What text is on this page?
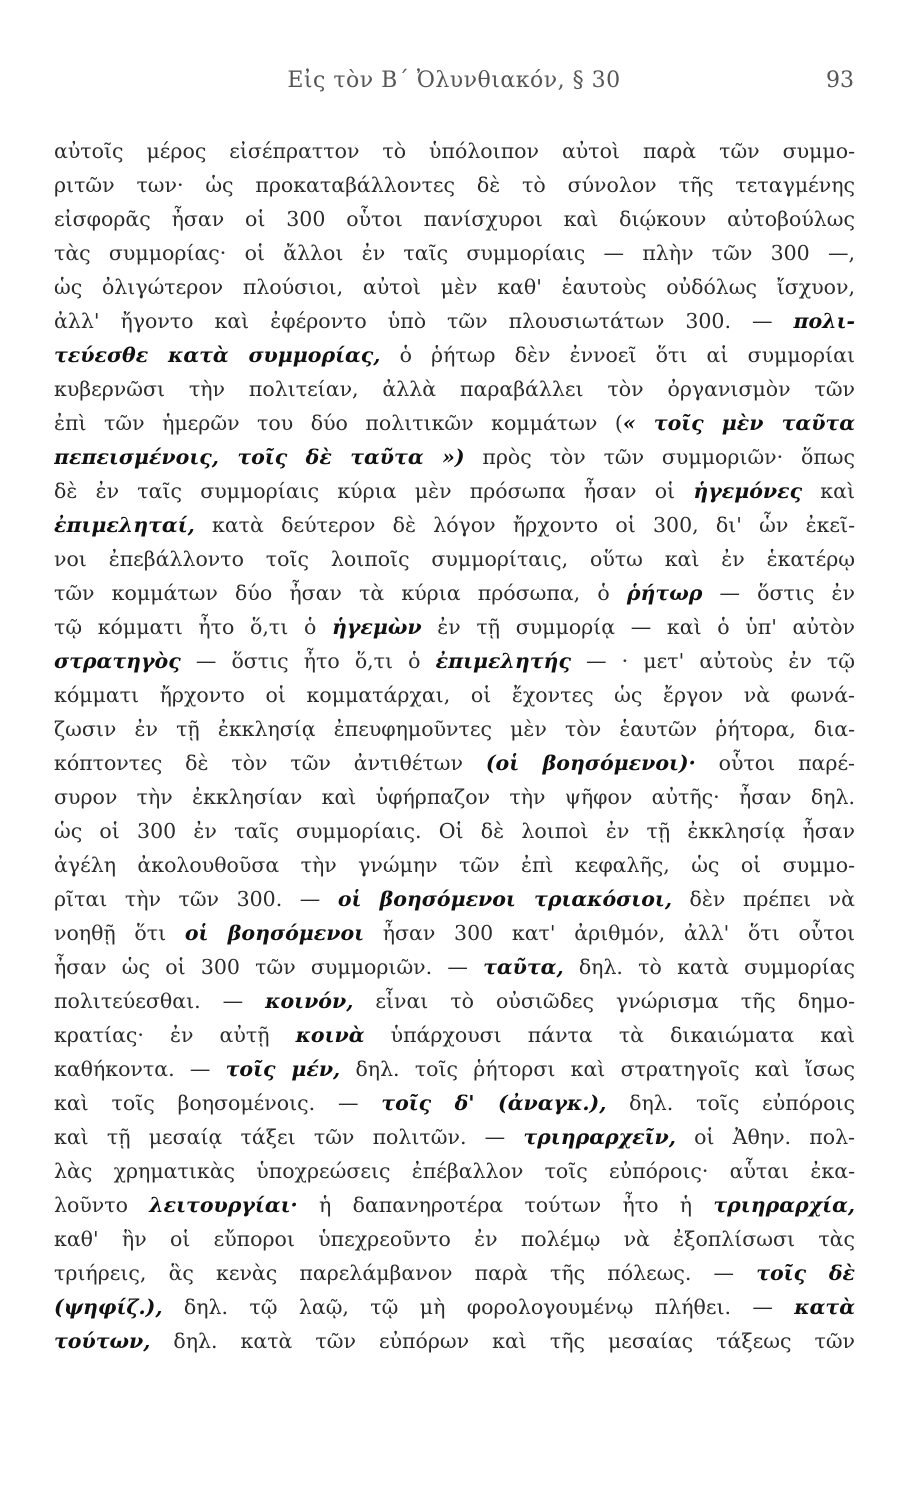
Εἰς τὸν Β΄ Ὀλυνθιακόν, § 30	93
αὐτοῖς μέρος εἰσέπραττον τὸ ὑπόλοιπον αὐτοὶ παρὰ τῶν συμμο-
ριτῶν των· ὡς προκαταβάλλοντες δὲ τὸ σύνολον τῆς τεταγμένης
εἰσφορᾶς ἦσαν οἱ 300 οὗτοι πανίσχυροι καὶ διῴκουν αὐτοβούλως
τὰς συμμορίας· οἱ ἄλλοι ἐν ταῖς συμμορίαις — πλὴν τῶν 300 —,
ὡς ὀλιγώτερον πλούσιοι, αὐτοὶ μὲν καθ' ἑαυτοὺς οὐδόλως ἴσχυον,
ἀλλ' ἤγοντο καὶ ἐφέροντο ὑπὸ τῶν πλουσιωτάτων 300. — πολι-
τεύεσθε κατὰ συμμορίας, ὁ ῥήτωρ δὲν ἐννοεῖ ὅτι αἱ συμμορίαι
κυβερνῶσι τὴν πολιτείαν, ἀλλὰ παραβάλλει τὸν ὀργανισμὸν τῶν
ἐπὶ τῶν ἡμερῶν του δύο πολιτικῶν κομμάτων (« τοῖς μὲν ταῦτα
πεπεισμένοις, τοῖς δὲ ταῦτα ») πρὸς τὸν τῶν συμμοριῶν· ὅπως
δὲ ἐν ταῖς συμμορίαις κύρια μὲν πρόσωπα ἦσαν οἱ ἡγεμόνες καὶ
ἐπιμεληταί, κατὰ δεύτερον δὲ λόγον ἤρχοντο οἱ 300, δι' ὧν ἐκεῖ-
νοι ἐπεβάλλοντο τοῖς λοιποῖς συμμορίταις, οὕτω καὶ ἐν ἑκατέρῳ
τῶν κομμάτων δύο ἦσαν τὰ κύρια πρόσωπα, ὁ ῥήτωρ — ὅστις ἐν
τῷ κόμματι ἦτο ὅ,τι ὁ ἡγεμὼν ἐν τῇ συμμορίᾳ — καὶ ὁ ὑπ' αὐτὸν
στρατηγὸς — ὅστις ἦτο ὅ,τι ὁ ἐπιμελητής — · μετ' αὐτοὺς ἐν τῷ
κόμματι ἤρχοντο οἱ κομματάρχαι, οἱ ἔχοντες ὡς ἔργον νὰ φωνά-
ζωσιν ἐν τῇ ἐκκλησίᾳ ἐπευφημοῦντες μὲν τὸν ἑαυτῶν ῥήτορα, δια-
κόπτοντες δὲ τὸν τῶν ἀντιθέτων (οἱ βοησόμενοι)· οὗτοι παρέ-
συρον τὴν ἐκκλησίαν καὶ ὑφήρπαζον τὴν ψῆφον αὐτῆς· ἦσαν δηλ.
ὡς οἱ 300 ἐν ταῖς συμμορίαις. Οἱ δὲ λοιποὶ ἐν τῇ ἐκκλησίᾳ ἦσαν
ἀγέλη ἀκολουθοῦσα τὴν γνώμην τῶν ἐπὶ κεφαλῆς, ὡς οἱ συμμο-
ρῖται τὴν τῶν 300. — οἱ βοησόμενοι τριακόσιοι, δὲν πρέπει νὰ
νοηθῇ ὅτι οἱ βοησόμενοι ἦσαν 300 κατ' ἀριθμόν, ἀλλ' ὅτι οὗτοι
ἦσαν ὡς οἱ 300 τῶν συμμοριῶν. — ταῦτα, δηλ. τὸ κατὰ συμμορίας
πολιτεύεσθαι. — κοινόν, εἶναι τὸ οὐσιῶδες γνώρισμα τῆς δημο-
κρατίας· ἐν αὐτῇ κοινὰ ὑπάρχουσι πάντα τὰ δικαιώματα καὶ
καθήκοντα. — τοῖς μέν, δηλ. τοῖς ῥήτορσι καὶ στρατηγοῖς καὶ ἴσως
καὶ τοῖς βοησομένοις. — τοῖς δ' (ἀναγκ.), δηλ. τοῖς εὐπόροις
καὶ τῇ μεσαίᾳ τάξει τῶν πολιτῶν. — τριηραρχεῖν, οἱ Ἀθην. πολ-
λὰς χρηματικὰς ὑποχρεώσεις ἐπέβαλλον τοῖς εὐπόροις· αὗται ἐκα-
λοῦντο λειτουργίαι· ἡ δαπανηροτέρα τούτων ἦτο ἡ τριηραρχία,
καθ' ἣν οἱ εὔποροι ὑπεχρεοῦντο ἐν πολέμῳ νὰ ἐξοπλίσωσι τὰς
τριήρεις, ἃς κενὰς παρελάμβανον παρὰ τῆς πόλεως. — τοῖς δὲ
(ψηφίζ.), δηλ. τῷ λαῷ, τῷ μὴ φορολογουμένῳ πλήθει. — κατὰ
τούτων, δηλ. κατὰ τῶν εὐπόρων καὶ τῆς μεσαίας τάξεως τῶν
